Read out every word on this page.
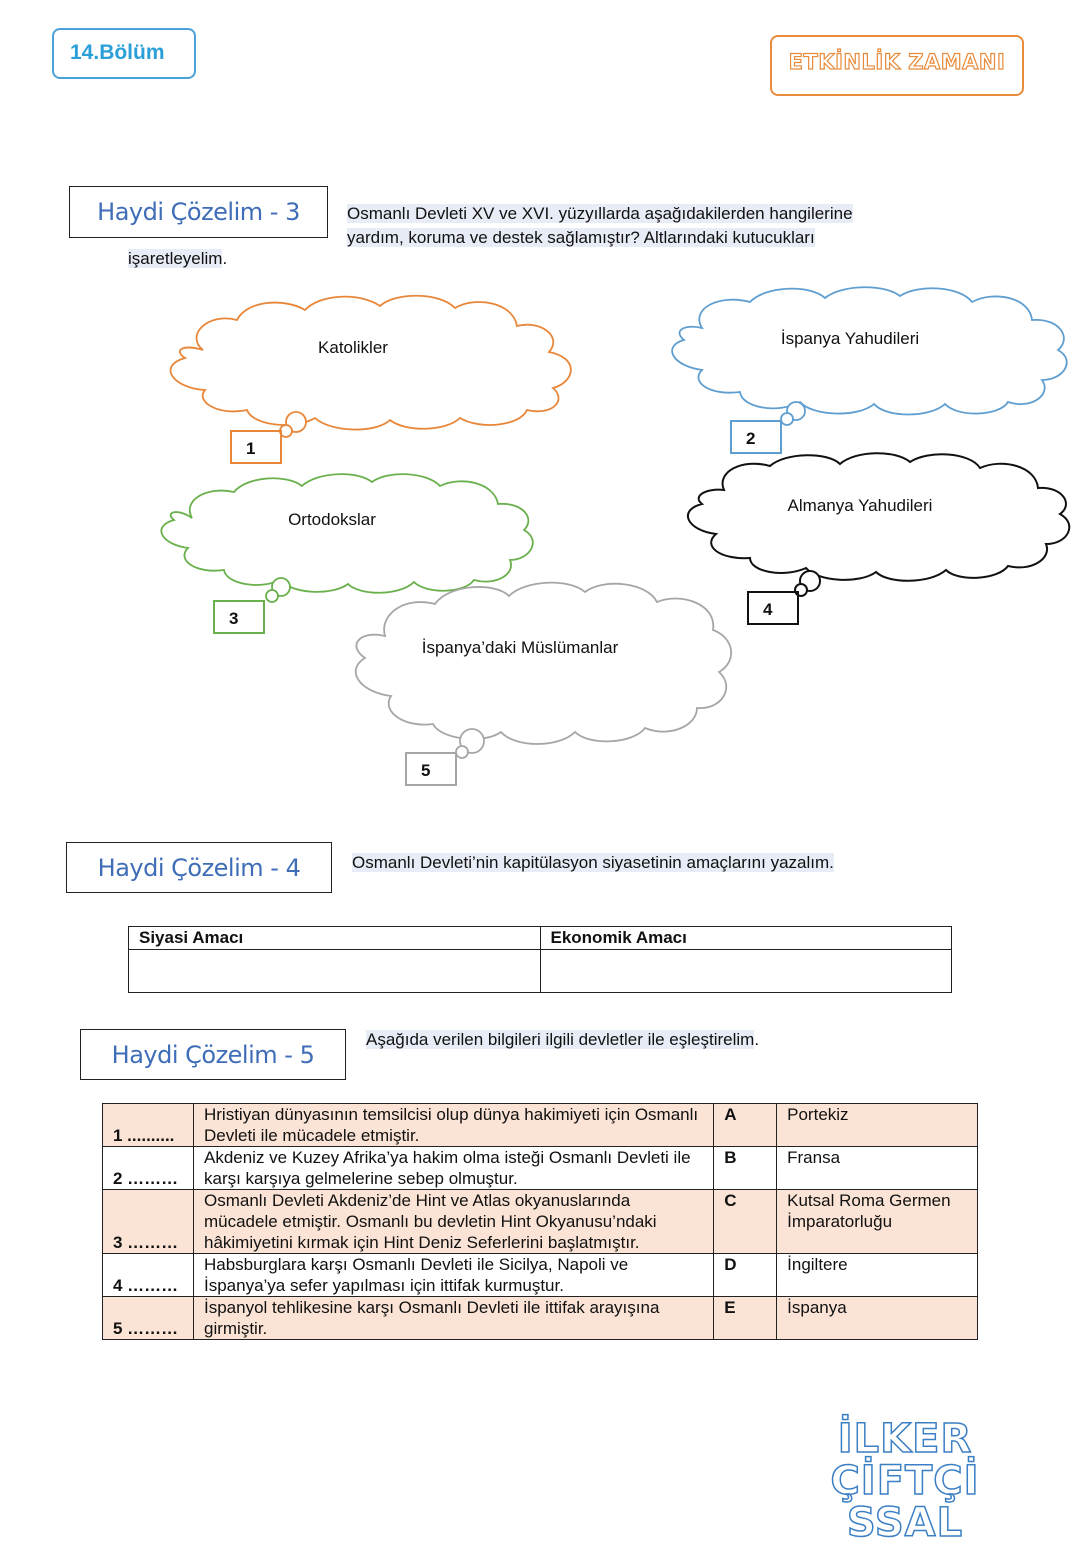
14.Bölüm	ETKİNLİK ZAMANI
Haydi Çözelim - 3	Osmanlı Devleti XV ve XVI. yüzyıllarda aşağıdakilerden hangilerine
yardım, koruma ve destek sağlamıştır? Altlarındaki kutucukları
işaretleyelim.
Katolikler
1
İspanya Yahudileri
2
Ortodokslar
3
Almanya Yahudileri
4
İspanya’daki Müslümanlar
5
Haydi Çözelim - 4	Osmanlı Devleti’nin kapitülasyon siyasetinin amaçlarını yazalım.
Siyasi Amacı	Ekonomik Amacı

Haydi Çözelim - 5
Aşağıda verilen bilgileri ilgili devletler ile eşleştirelim.
1 ..........	Hristiyan dünyasının temsilcisi olup dünya hakimiyeti için Osmanlı Devleti ile mücadele etmiştir.	A	Portekiz
2 ………	Akdeniz ve Kuzey Afrika’ya hakim olma isteği Osmanlı Devleti ile karşı karşıya gelmelerine sebep olmuştur.	B	Fransa
3 ………	Osmanlı Devleti Akdeniz’de Hint ve Atlas okyanuslarında mücadele etmiştir. Osmanlı bu devletin Hint Okyanusu’ndaki hâkimiyetini kırmak için Hint Deniz Seferlerini başlatmıştır.	C	Kutsal Roma Germen İmparatorluğu
4 ………	Habsburglara karşı Osmanlı Devleti ile Sicilya, Napoli ve İspanya’ya sefer yapılması için ittifak kurmuştur.	D	İngiltere
5 ………	İspanyol tehlikesine karşı Osmanlı Devleti ile ittifak arayışına girmiştir.	E	İspanya
İLKER ÇİFTÇİ
SSAL
